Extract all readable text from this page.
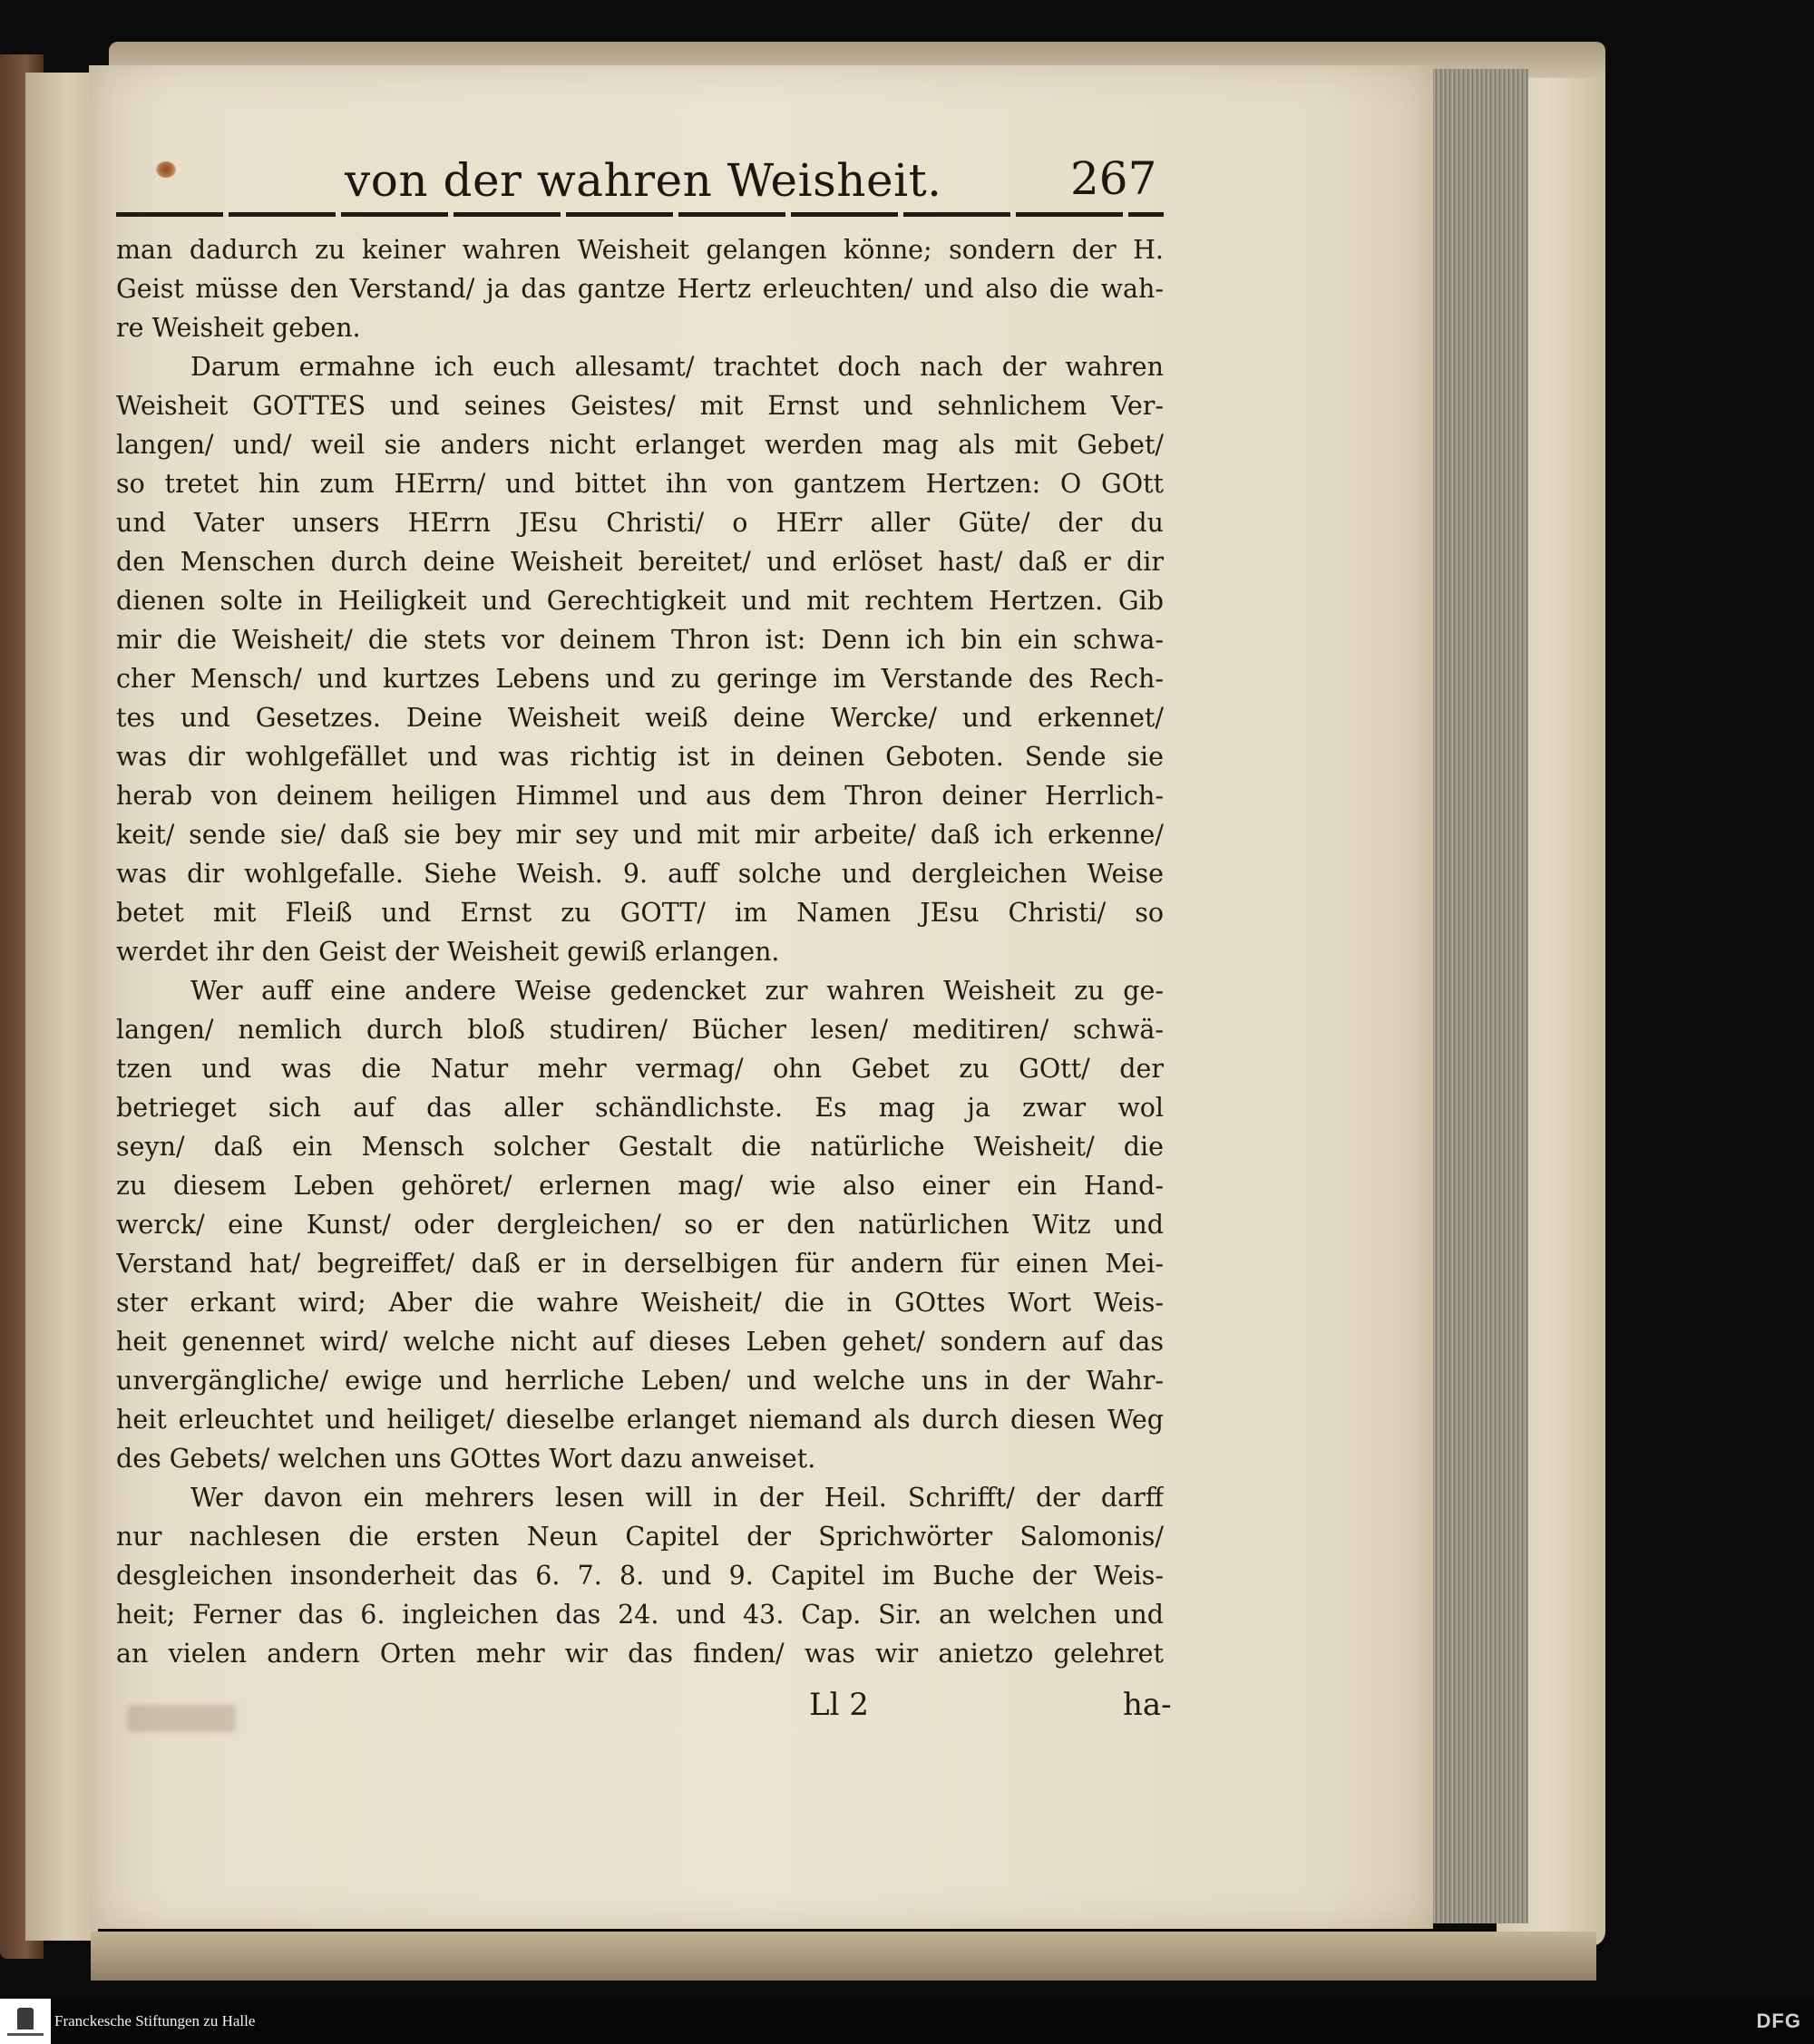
von der wahren Weisheit.	267
man dadurch zu keiner wahren Weisheit gelangen könne; sondern der H.
Geist müsse den Verstand/ ja das gantze Hertz erleuchten/ und also die wah-
re Weisheit geben.
Darum ermahne ich euch allesamt/ trachtet doch nach der wahren
Weisheit GOTTES und seines Geistes/ mit Ernst und sehnlichem Ver-
langen/ und/ weil sie anders nicht erlanget werden mag als mit Gebet/
so tretet hin zum HErrn/ und bittet ihn von gantzem Hertzen: O GOtt
und Vater unsers HErrn JEsu Christi/ o HErr aller Güte/ der du
den Menschen durch deine Weisheit bereitet/ und erlöset hast/ daß er dir
dienen solte in Heiligkeit und Gerechtigkeit und mit rechtem Hertzen. Gib
mir die Weisheit/ die stets vor deinem Thron ist: Denn ich bin ein schwa-
cher Mensch/ und kurtzes Lebens und zu geringe im Verstande des Rech-
tes und Gesetzes. Deine Weisheit weiß deine Wercke/ und erkennet/
was dir wohlgefället und was richtig ist in deinen Geboten. Sende sie
herab von deinem heiligen Himmel und aus dem Thron deiner Herrlich-
keit/ sende sie/ daß sie bey mir sey und mit mir arbeite/ daß ich erkenne/
was dir wohlgefalle. Siehe Weish. 9. auff solche und dergleichen Weise
betet mit Fleiß und Ernst zu GOTT/ im Namen JEsu Christi/ so
werdet ihr den Geist der Weisheit gewiß erlangen.
Wer auff eine andere Weise gedencket zur wahren Weisheit zu ge-
langen/ nemlich durch bloß studiren/ Bücher lesen/ meditiren/ schwä-
tzen und was die Natur mehr vermag/ ohn Gebet zu GOtt/ der
betrieget sich auf das aller schändlichste. Es mag ja zwar wol
seyn/ daß ein Mensch solcher Gestalt die natürliche Weisheit/ die
zu diesem Leben gehöret/ erlernen mag/ wie also einer ein Hand-
werck/ eine Kunst/ oder dergleichen/ so er den natürlichen Witz und
Verstand hat/ begreiffet/ daß er in derselbigen für andern für einen Mei-
ster erkant wird; Aber die wahre Weisheit/ die in GOttes Wort Weis-
heit genennet wird/ welche nicht auf dieses Leben gehet/ sondern auf das
unvergängliche/ ewige und herrliche Leben/ und welche uns in der Wahr-
heit erleuchtet und heiliget/ dieselbe erlanget niemand als durch diesen Weg
des Gebets/ welchen uns GOttes Wort dazu anweiset.
Wer davon ein mehrers lesen will in der Heil. Schrifft/ der darff
nur nachlesen die ersten Neun Capitel der Sprichwörter Salomonis/
desgleichen insonderheit das 6. 7. 8. und 9. Capitel im Buche der Weis-
heit; Ferner das 6. ingleichen das 24. und 43. Cap. Sir. an welchen und
an vielen andern Orten mehr wir das finden/ was wir anietzo gelehret
Ll 2	ha-
Franckesche Stiftungen zu Halle	DFG
